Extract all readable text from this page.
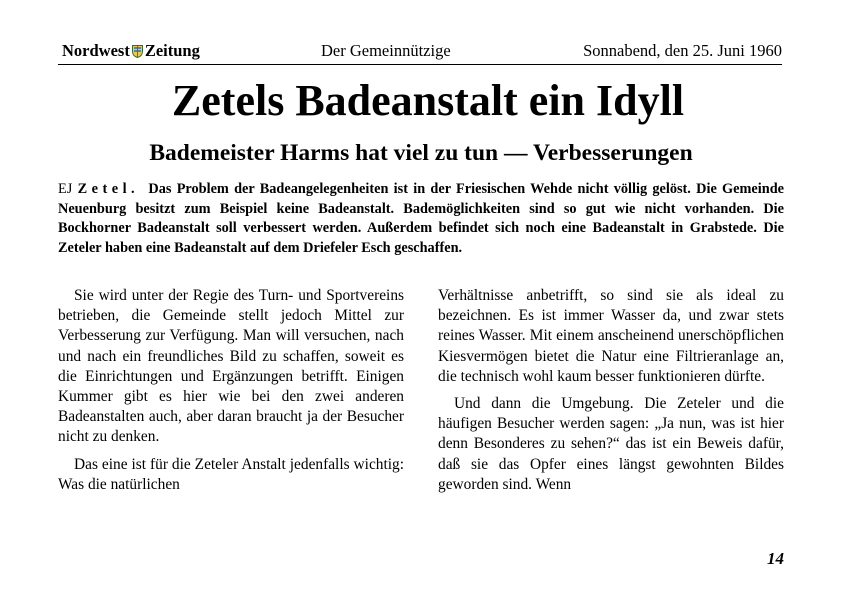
Nordwest Zeitung	Der Gemeinnützige	Sonnabend, den 25. Juni 1960
Zetels Badeanstalt ein Idyll
Bademeister Harms hat viel zu tun — Verbesserungen
EJ Zetel. Das Problem der Badeangelegenheiten ist in der Friesischen Wehde nicht völlig gelöst. Die Gemeinde Neuenburg besitzt zum Beispiel keine Badeanstalt. Bademöglichkeiten sind so gut wie nicht vorhanden. Die Bockhorner Badeanstalt soll verbessert werden. Außerdem befindet sich noch eine Badeanstalt in Grabstede. Die Zeteler haben eine Badeanstalt auf dem Driefeler Esch geschaffen.

Sie wird unter der Regie des Turn- und Sportvereins betrieben, die Gemeinde stellt jedoch Mittel zur Verbesserung zur Verfügung. Man will versuchen, nach und nach ein freundliches Bild zu schaffen, soweit es die Einrichtungen und Ergänzungen betrifft. Einigen Kummer gibt es hier wie bei den zwei anderen Badeanstalten auch, aber daran braucht ja der Besucher nicht zu denken.

Das eine ist für die Zeteler Anstalt jedenfalls wichtig: Was die natürlichen

Verhältnisse anbetrifft, so sind sie als ideal zu bezeichnen. Es ist immer Wasser da, und zwar stets reines Wasser. Mit einem anscheinend unerschöpflichen Kiesvermögen bietet die Natur eine Filtrieranlage an, die technisch wohl kaum besser funktionieren dürfte.

Und dann die Umgebung. Die Zeteler und die häufigen Besucher werden sagen: „Ja nun, was ist hier denn Besonderes zu sehen?“ das ist ein Beweis dafür, daß sie das Opfer eines längst gewohnten Bildes geworden sind. Wenn

14
